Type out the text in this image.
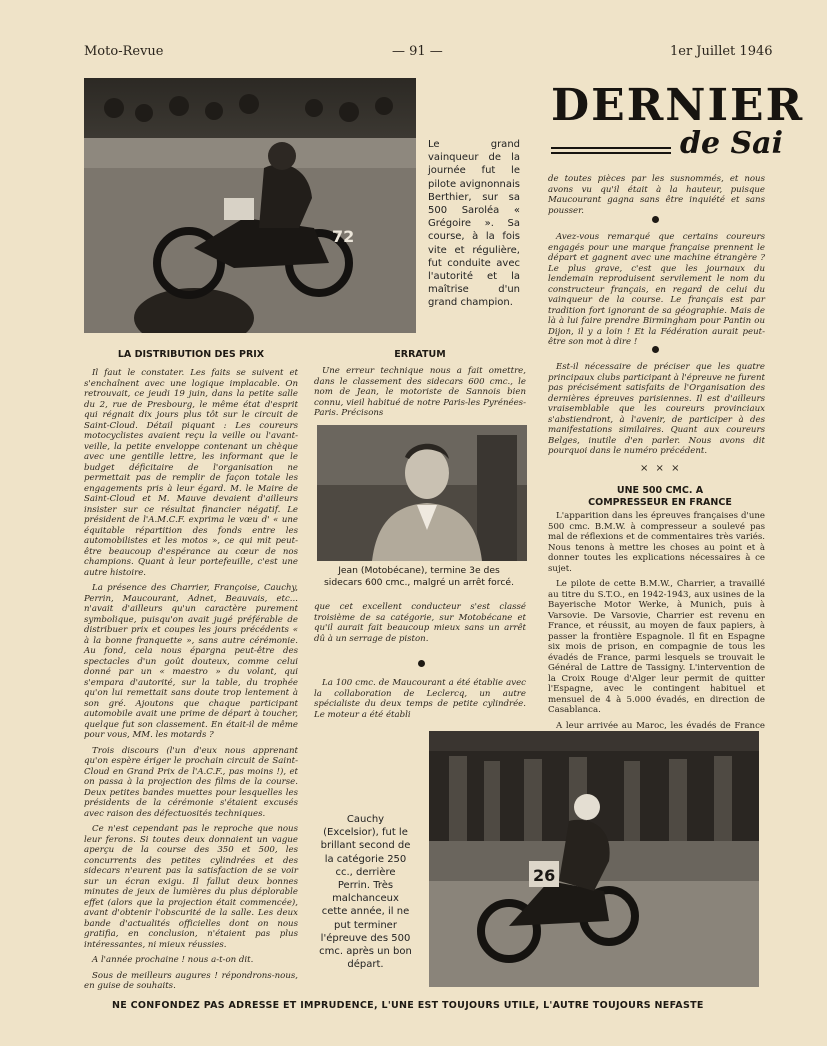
Moto-Revue	— 91 —	1er Juillet 1946
72
Le grand vainqueur de la journée fut le pilote avignonnais Berthier, sur sa 500 Saroléa « Grégoire ». Sa course, à la fois vite et régulière, fut conduite avec l'autorité et la maîtrise d'un grand champion.
DERNIER
de Sai
LA DISTRIBUTION DES PRIX

Il faut le constater. Les faits se suivent et s'enchaînent avec une logique implacable. On retrouvait, ce jeudi 19 juin, dans la petite salle du 2, rue de Presbourg, le même état d'esprit qui régnait dix jours plus tôt sur le circuit de Saint-Cloud. Détail piquant : Les coureurs motocyclistes avaient reçu la veille ou l'avant-veille, la petite enveloppe contenant un chèque avec une gentille lettre, les informant que le budget déficitaire de l'organisation ne permettait pas de remplir de façon totale les engagements pris à leur égard. M. le Maire de Saint-Cloud et M. Mauve devaient d'ailleurs insister sur ce résultat financier négatif. Le président de l'A.M.C.F. exprima le vœu d' « une équitable répartition des fonds entre les automobilistes et les motos », ce qui mit peut-être beaucoup d'espérance au cœur de nos champions. Quant à leur portefeuille, c'est une autre histoire.

La présence des Charrier, Françoise, Cauchy, Perrin, Maucourant, Adnet, Beauvais, etc... n'avait d'ailleurs qu'un caractère purement symbolique, puisqu'on avait jugé préférable de distribuer prix et coupes les jours précédents « à la bonne franquette », sans autre cérémonie. Au fond, cela nous épargna peut-être des spectacles d'un goût douteux, comme celui donné par un « maestro » du volant, qui s'empara d'autorité, sur la table, du trophée qu'on lui remettait sans doute trop lentement à son gré. Ajoutons que chaque participant automobile avait une prime de départ à toucher, quelque fut son classement. En était-il de même pour vous, MM. les motards ?

Trois discours (l'un d'eux nous apprenant qu'on espère ériger le prochain circuit de Saint-Cloud en Grand Prix de l'A.C.F., pas moins !), et on passa à la projection des films de la course. Deux petites bandes muettes pour lesquelles les présidents de la cérémonie s'étaient excusés avec raison des défectuosités techniques.

Ce n'est cependant pas le reproche que nous leur ferons. Si toutes deux donnaient un vague aperçu de la course des 350 et 500, les concurrents des petites cylindrées et des sidecars n'eurent pas la satisfaction de se voir sur un écran exigu. Il fallut deux bonnes minutes de jeux de lumières du plus déplorable effet (alors que la projection était commencée), avant d'obtenir l'obscurité de la salle. Les deux bande d'actualités officielles dont on nous gratifia, en conclusion, n'étaient pas plus intéressantes, ni mieux réussies.

A l'année prochaine ! nous a-t-on dit.

Sous de meilleurs augures ! répondrons-nous, en guise de souhaits.

ERRATUM

Une erreur technique nous a fait omettre, dans le classement des sidecars 600 cmc., le nom de Jean, le motoriste de Sannois bien connu, vieil habitué de notre Paris-les Pyrénées-Paris. Précisons

Jean (Motobécane), termine 3e des sidecars 600 cmc., malgré un arrêt forcé.

que cet excellent conducteur s'est classé troisième de sa catégorie, sur Motobécane et qu'il aurait fait beaucoup mieux sans un arrêt dû à un serrage de piston.

La 100 cmc. de Maucourant a été établie avec la collaboration de Leclercq, un autre spécialiste du deux temps de petite cylindrée. Le moteur a été établi

Cauchy (Excelsior), fut le brillant second de la catégorie 250 cc., derrière Perrin. Très malchanceux cette année, il ne put terminer l'épreuve des 500 cmc. après un bon départ.

de toutes pièces par les susnommés, et nous avons vu qu'il était à la hauteur, puisque Maucourant gagna sans être inquiété et sans pousser.

Avez-vous remarqué que certains coureurs engagés pour une marque française prennent le départ et gagnent avec une machine étrangère ? Le plus grave, c'est que les journaux du lendemain reproduisent servilement le nom du constructeur français, en regard de celui du vainqueur de la course. Le français est par tradition fort ignorant de sa géographie. Mais de là à lui faire prendre Birmingham pour Pantin ou Dijon, il y a loin ! Et la Fédération aurait peut-être son mot à dire !

Est-il nécessaire de préciser que les quatre principaux clubs participant à l'épreuve ne furent pas précisément satisfaits de l'Organisation des dernières épreuves parisiennes. Il est d'ailleurs vraisemblable que les coureurs provinciaux s'abstiendront, à l'avenir, de participer à des manifestations similaires. Quant aux coureurs Belges, inutile d'en parler. Nous avons dit pourquoi dans le numéro précédent.

× × ×
UNE 500 CMC. A COMPRESSEUR EN FRANCE

L'apparition dans les épreuves françaises d'une 500 cmc. B.M.W. à compresseur a soulevé pas mal de réflexions et de commentaires très variés. Nous tenons à mettre les choses au point et à donner toutes les explications nécessaires à ce sujet.

Le pilote de cette B.M.W., Charrier, a travaillé au titre du S.T.O., en 1942-1943, aux usines de la Bayerische Motor Werke, à Munich, puis à Varsovie. De Varsovie, Charrier est revenu en France, et réussit, au moyen de faux papiers, à passer la frontière Espagnole. Il fit en Espagne six mois de prison, en compagnie de tous les évadés de France, parmi lesquels se trouvait le Général de Lattre de Tassigny. L'intervention de la Croix Rouge d'Alger leur permit de quitter l'Espagne, avec le contingent habituel et mensuel de 4 à 5.000 évadés, en direction de Casablanca.

A leur arrivée au Maroc, les évadés de France

26
NE CONFONDEZ PAS ADRESSE ET IMPRUDENCE, L'UNE EST TOUJOURS UTILE, L'AUTRE TOUJOURS NEFASTE
